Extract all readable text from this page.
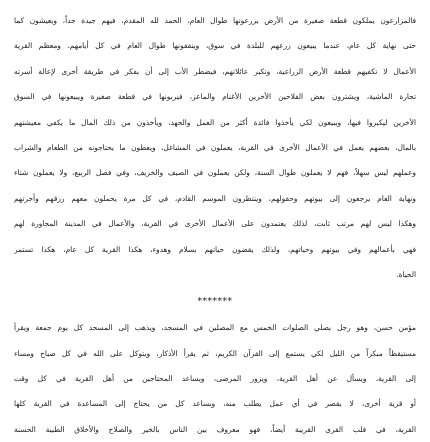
فالمزارعون يملكون قطعة صغيرة من الأرض يزرعونها طوال العام، الحمد لله المقدم، فيهم جيدة جداً، ويعيشون كما

حتى نهاية كل عام، عندما يبيعون زرعهم للبلدة في سوق، وينفقونها طوال العام في كل أيامهم، ومعظم القرية

الأعمال لا تكفيهم قطعة الأرض الزراعية، وتكبر عائلاتهم، فيضطر الأب إلى أن يفكر في طريقة أخرى لإعالة أسرته

تجارة الماشية، ويشترون بعض الفلاحين الأخرين الأغنام والماعز، فيربونها في قطعة صغيرة ويبيعونها في السوق

الأخرين ليكبروا فيها، ويبيعون لكي يأخذوا فائدة أكثر من العمل والجهد، ويأخذون من ذلك المال ما يكفي معيشتهم

بالمال، بعضهم يعمل في الأعمال الأخرى في القرية، يعملون في المشاغل، ويعطون ما يحتاجونه من الطعام والشراب

وعملهم ليس سهلاً، فهم لا يعملون طوال السنة، ولكن يعملون في الصيف والخريف، وفي فصل الربيع، ولا يعملون شتاء

ونهاية العام يرجعون إلى بيوتهم وحقولهم، وينتظرون الموسم القادم، في كل مرة يحملون معهم رزقهم وأجرتهم

وهكذا ليس لهم مرتب ثابت، لذلك يعتمدون على الأعمال الأخرى في القرية، والأعمال في المدينة المجاورة لهم

فهي بأعمالهم وفي بيوتهم وحياتهم، ولذلك يقضون حياتهم بسلام وهدوء، هكذا القرية كل عام، هكذا تستمر

الحياة.

*******

مؤمن حسن، وهو رجل يصلي الصلوات الخمس مع المصلين في المسجد، ويذهب إلى المسجد كل يوم جمعة ويقرأ

مستيقظاً مبكراً من الليل لكي يستمع إلى القرآن الكريم، ثم يقرأ الأذكار، ويتوكل على الله في كل صباح ومساء

إلى القرية، ويسأل عن أهل القرية، ويزور المرضى، ويساعد المحتاجين من أهل القرية في كل وقت

أو قرية أخرى، لا يقصر في أي عمل يطلب منه، ويساعد كل من يحتاج إلى المساعدة في القرية كلها

القرية، في قلب القرى القريبة أيضاً، فهو معروف بين الناس بالخير والصلاح والأخلاق الطيبة الحسنة
